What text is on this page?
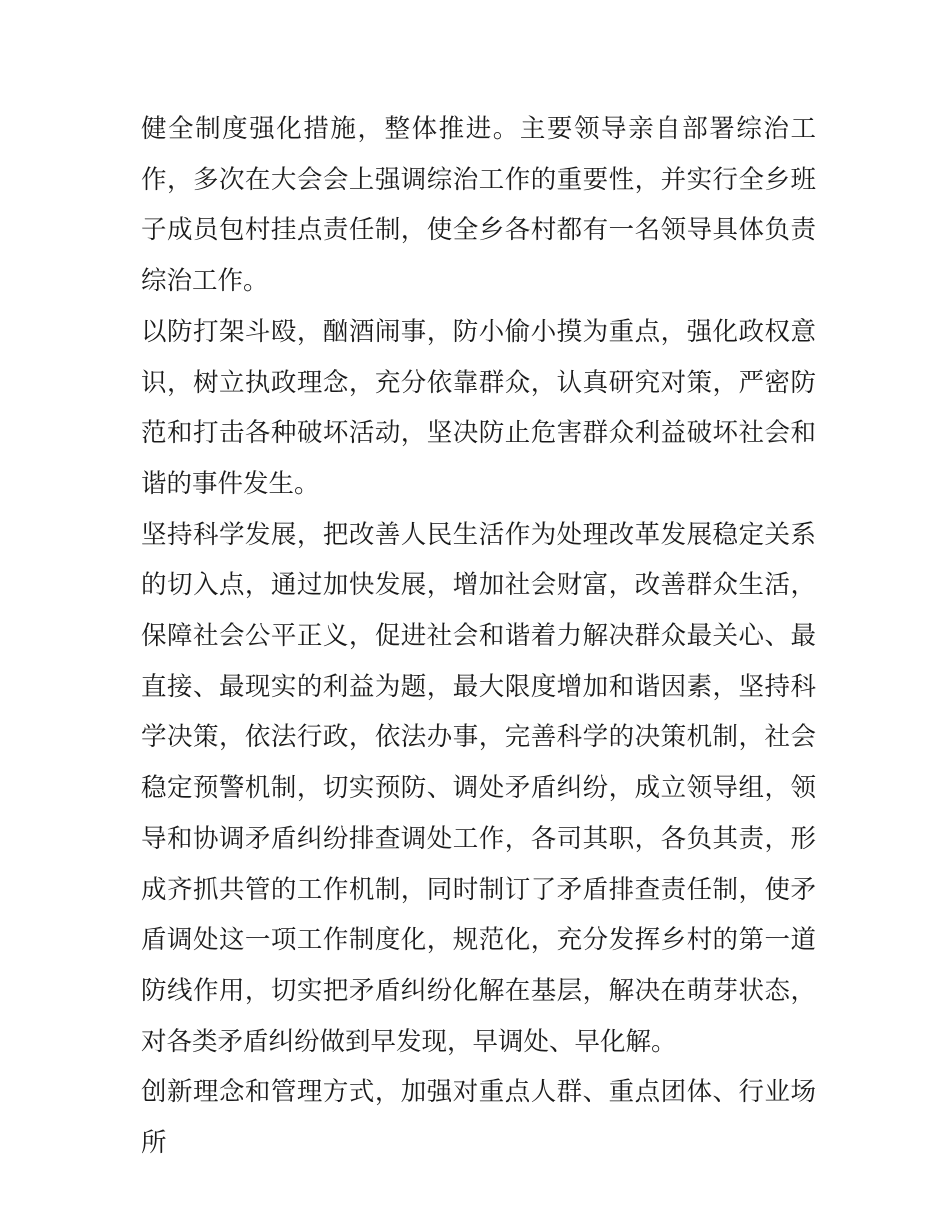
健全制度强化措施，整体推进。主要领导亲自部署综治工作，多次在大会会上强调综治工作的重要性，并实行全乡班子成员包村挂点责任制，使全乡各村都有一名领导具体负责综治工作。

以防打架斗殴，酗酒闹事，防小偷小摸为重点，强化政权意识，树立执政理念，充分依靠群众，认真研究对策，严密防范和打击各种破坏活动，坚决防止危害群众利益破坏社会和谐的事件发生。

坚持科学发展，把改善人民生活作为处理改革发展稳定关系的切入点，通过加快发展，增加社会财富，改善群众生活，保障社会公平正义，促进社会和谐着力解决群众最关心、最直接、最现实的利益为题，最大限度增加和谐因素，坚持科学决策，依法行政，依法办事，完善科学的决策机制，社会稳定预警机制，切实预防、调处矛盾纠纷，成立领导组，领导和协调矛盾纠纷排查调处工作，各司其职，各负其责，形成齐抓共管的工作机制，同时制订了矛盾排查责任制，使矛盾调处这一项工作制度化，规范化，充分发挥乡村的第一道防线作用，切实把矛盾纠纷化解在基层，解决在萌芽状态，对各类矛盾纠纷做到早发现，早调处、早化解。

创新理念和管理方式，加强对重点人群、重点团体、行业场所
